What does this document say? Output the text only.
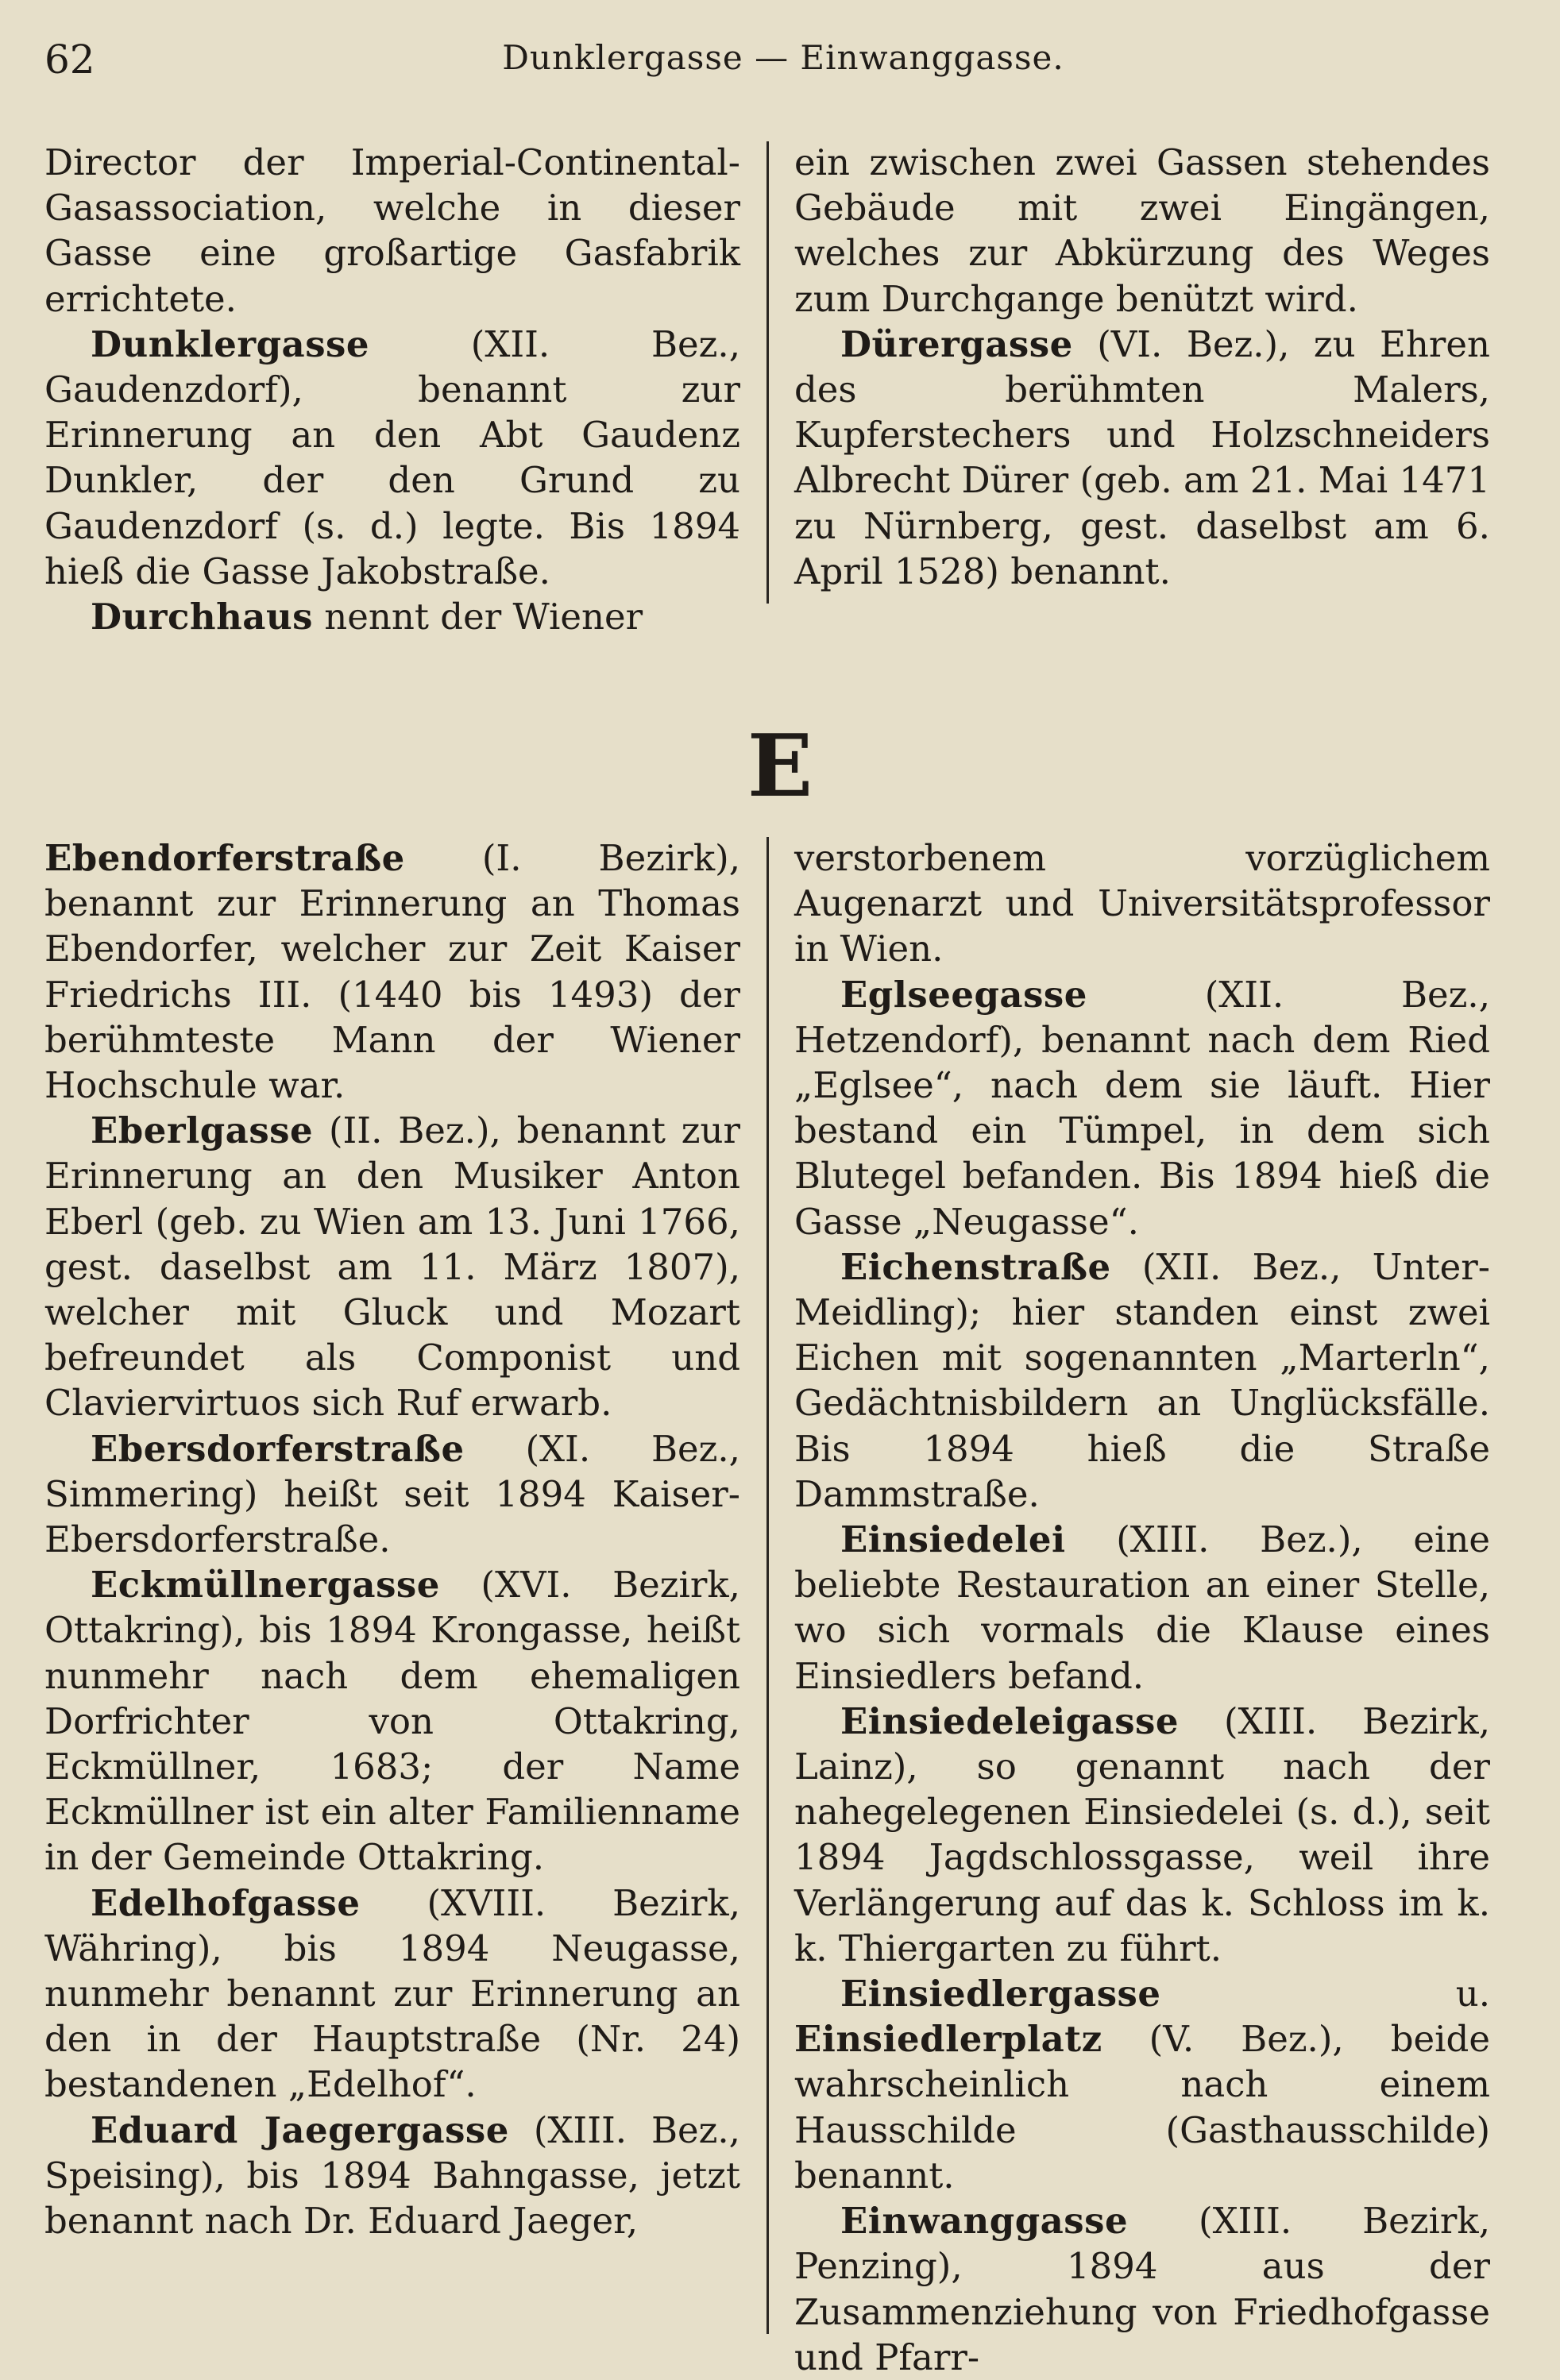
62	Dunklergasse — Einwanggasse.

Director der Imperial-Continental-Gasassociation, welche in dieser Gasse eine großartige Gasfabrik errichtete.

Dunklergasse (XII. Bez., Gaudenzdorf), benannt zur Erinnerung an den Abt Gaudenz Dunkler, der den Grund zu Gaudenzdorf (s. d.) legte. Bis 1894 hieß die Gasse Jakobstraße.

Durchhaus nennt der Wiener

ein zwischen zwei Gassen stehendes Gebäude mit zwei Eingängen, welches zur Abkürzung des Weges zum Durchgange benützt wird.

Dürergasse (VI. Bez.), zu Ehren des berühmten Malers, Kupferstechers und Holzschneiders Albrecht Dürer (geb. am 21. Mai 1471 zu Nürnberg, gest. daselbst am 6. April 1528) benannt.

E

Ebendorferstraße (I. Bezirk), benannt zur Erinnerung an Thomas Ebendorfer, welcher zur Zeit Kaiser Friedrichs III. (1440 bis 1493) der berühmteste Mann der Wiener Hochschule war.

Eberlgasse (II. Bez.), benannt zur Erinnerung an den Musiker Anton Eberl (geb. zu Wien am 13. Juni 1766, gest. daselbst am 11. März 1807), welcher mit Gluck und Mozart befreundet als Componist und Claviervirtuos sich Ruf erwarb.

Ebersdorferstraße (XI. Bez., Simmering) heißt seit 1894 Kaiser-Ebersdorferstraße.

Eckmüllnergasse (XVI. Bezirk, Ottakring), bis 1894 Krongasse, heißt nunmehr nach dem ehemaligen Dorfrichter von Ottakring, Eckmüllner, 1683; der Name Eckmüllner ist ein alter Familienname in der Gemeinde Ottakring.

Edelhofgasse (XVIII. Bezirk, Währing), bis 1894 Neugasse, nunmehr benannt zur Erinnerung an den in der Hauptstraße (Nr. 24) bestandenen „Edelhof“.

Eduard Jaegergasse (XIII. Bez., Speising), bis 1894 Bahngasse, jetzt benannt nach Dr. Eduard Jaeger,

verstorbenem vorzüglichem Augenarzt und Universitätsprofessor in Wien.

Eglseegasse (XII. Bez., Hetzendorf), benannt nach dem Ried „Eglsee“, nach dem sie läuft. Hier bestand ein Tümpel, in dem sich Blutegel befanden. Bis 1894 hieß die Gasse „Neugasse“.

Eichenstraße (XII. Bez., Unter-Meidling); hier standen einst zwei Eichen mit sogenannten „Marterln“, Gedächtnisbildern an Unglücksfälle. Bis 1894 hieß die Straße Dammstraße.

Einsiedelei (XIII. Bez.), eine beliebte Restauration an einer Stelle, wo sich vormals die Klause eines Einsiedlers befand.

Einsiedeleigasse (XIII. Bezirk, Lainz), so genannt nach der nahegelegenen Einsiedelei (s. d.), seit 1894 Jagdschlossgasse, weil ihre Verlängerung auf das k. Schloss im k. k. Thiergarten zu führt.

Einsiedlergasse u. Einsiedlerplatz (V. Bez.), beide wahrscheinlich nach einem Hausschilde (Gasthausschilde) benannt.

Einwanggasse (XIII. Bezirk, Penzing), 1894 aus der Zusammenziehung von Friedhofgasse und Pfarr-
